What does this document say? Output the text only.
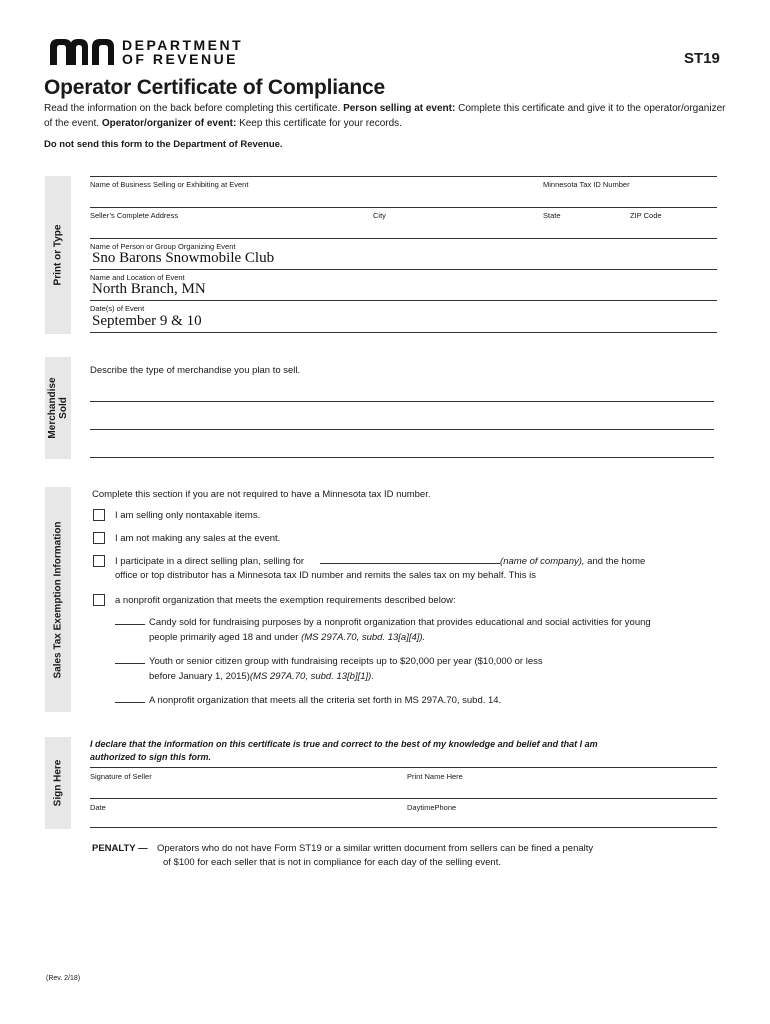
DEPARTMENT
OF REVENUE	ST19
Operator Certificate of Compliance
Read the information on the back before completing this certificate. Person selling at event: Complete this certificate and give it to the operator/organizer of the event. Operator/organizer of event: Keep this certificate for your records.
Do not send this form to the Department of Revenue.
Print or Type
Name of Business Selling or Exhibiting at Event	Minnesota Tax ID Number
Seller’s Complete Address	City	State	ZIP Code
Name of Person or Group Organizing Event
Sno Barons Snowmobile Club
Name and Location of Event
North Branch, MN
Date(s) of Event
September 9 & 10
Merchandise Sold
Describe the type of merchandise you plan to sell.
Sales Tax Exemption Information
Complete this section if you are not required to have a Minnesota tax ID number.
I am selling only nontaxable items.
I am not making any sales at the event.
I participate in a direct selling plan, selling for	(name of company), and the home
office or top distributor has a Minnesota tax ID number and remits the sales tax on my behalf. This is
a nonprofit organization that meets the exemption requirements described below:
Candy sold for fundraising purposes by a nonprofit organization that provides educational and social activities for young
people primarily aged 18 and under (MS 297A.70, subd. 13[a][4]).
Youth or senior citizen group with fundraising receipts up to $20,000 per year ($10,000 or less
before January 1, 2015)(MS 297A.70, subd. 13[b][1]).
A nonprofit organization that meets all the criteria set forth in MS 297A.70, subd. 14.
Sign Here
I declare that the information on this certificate is true and correct to the best of my knowledge and belief and that I am
authorized to sign this form.
Signature of Seller	Print Name Here
Date	DaytimePhone
PENALTY — Operators who do not have Form ST19 or a similar written document from sellers can be fined a penalty
of $100 for each seller that is not in compliance for each day of the selling event.
(Rev. 2/18)
